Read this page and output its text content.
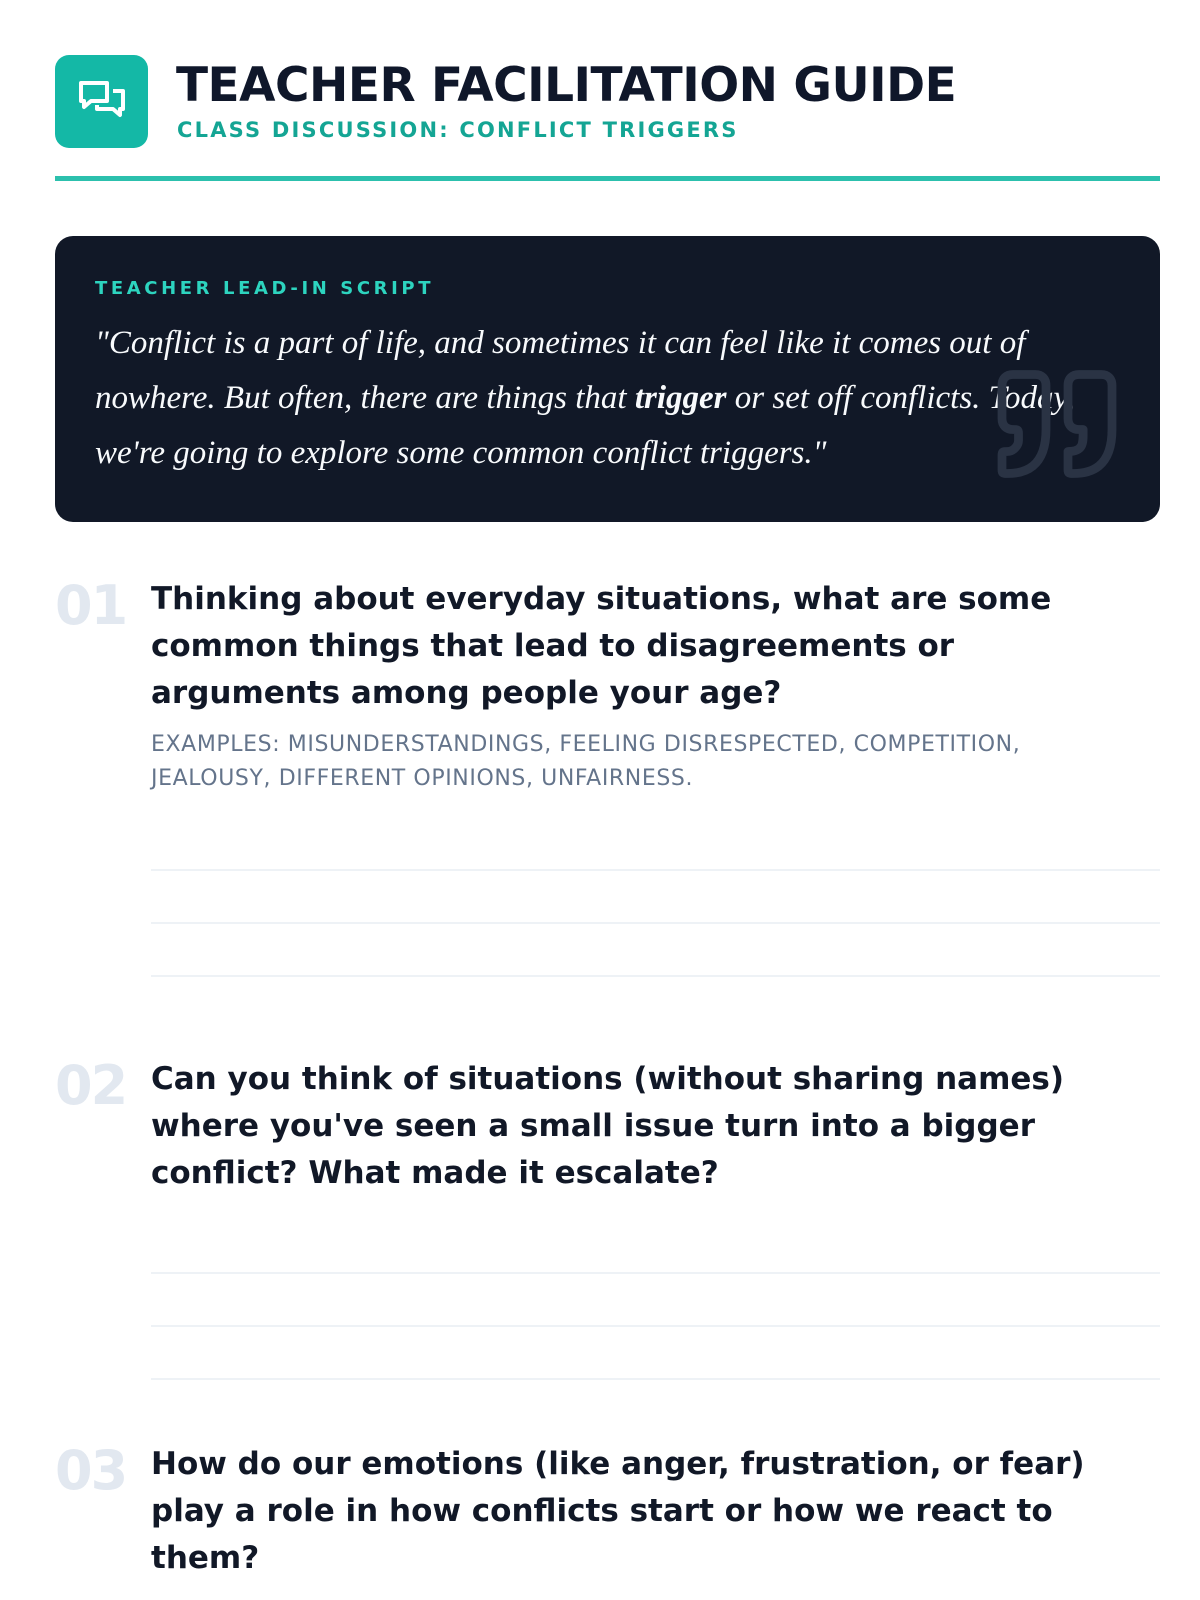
TEACHER FACILITATION GUIDE
CLASS DISCUSSION: CONFLICT TRIGGERS
TEACHER LEAD-IN SCRIPT

"Conflict is a part of life, and sometimes it can feel like it comes out of nowhere. But often, there are things that trigger or set off conflicts. Today, we're going to explore some common conflict triggers."

01 Thinking about everyday situations, what are some common things that lead to disagreements or arguments among people your age?

EXAMPLES: MISUNDERSTANDINGS, FEELING DISRESPECTED, COMPETITION, JEALOUSY, DIFFERENT OPINIONS, UNFAIRNESS.

02 Can you think of situations (without sharing names) where you've seen a small issue turn into a bigger conflict? What made it escalate?

03 How do our emotions (like anger, frustration, or fear) play a role in how conflicts start or how we react to them?
